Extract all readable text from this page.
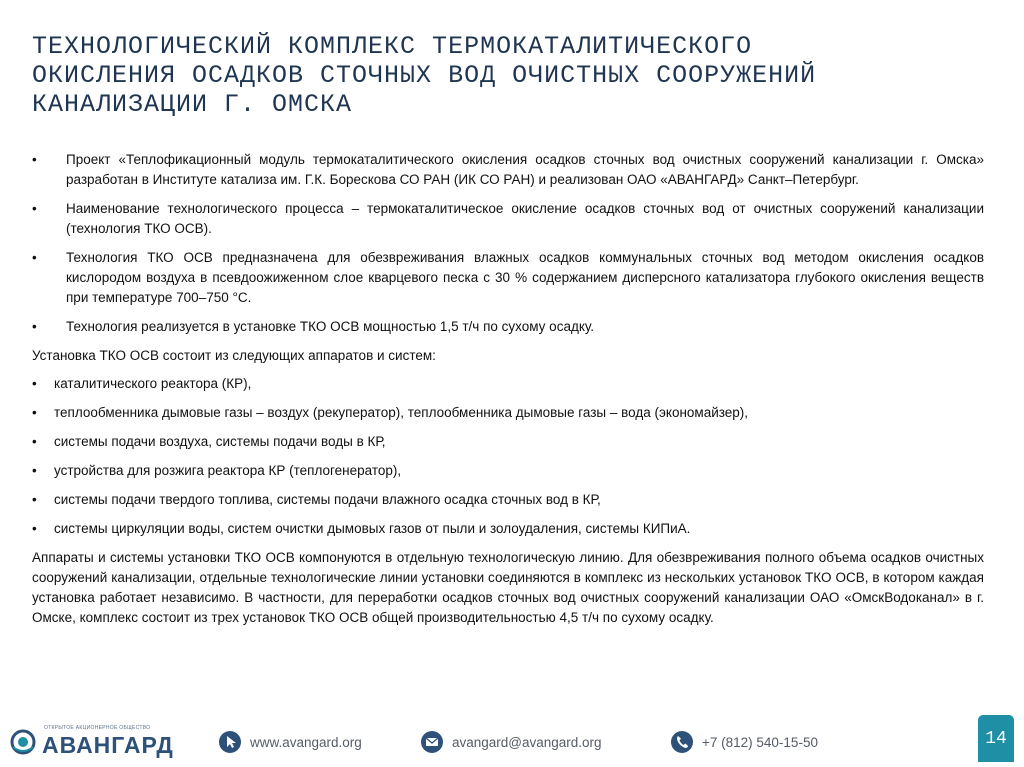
ТЕХНОЛОГИЧЕСКИЙ КОМПЛЕКС ТЕРМОКАТАЛИТИЧЕСКОГО
ОКИСЛЕНИЯ ОСАДКОВ СТОЧНЫХ ВОД ОЧИСТНЫХ СООРУЖЕНИЙ
КАНАЛИЗАЦИИ Г. ОМСКА

• Проект «Теплофикационный модуль термокаталитического окисления осадков сточных вод очистных сооружений канализации г. Омска» разработан в Институте катализа им. Г.К. Борескова СО РАН (ИК СО РАН) и реализован ОАО «АВАНГАРД» Санкт–Петербург.

• Наименование технологического процесса – термокаталитическое окисление осадков сточных вод от очистных сооружений канализации (технология ТКО ОСВ).

• Технология ТКО ОСВ предназначена для обезвреживания влажных осадков коммунальных сточных вод методом окисления осадков кислородом воздуха в псевдоожиженном слое кварцевого песка с 30 % содержанием дисперсного катализатора глубокого окисления веществ при температуре 700–750 °С.

• Технология реализуется в установке ТКО ОСВ мощностью 1,5 т/ч по сухому осадку.

Установка ТКО ОСВ состоит из следующих аппаратов и систем:

• каталитического реактора (КР),

• теплообменника дымовые газы – воздух (рекуператор), теплообменника дымовые газы – вода (экономайзер),

• системы подачи воздуха, системы подачи воды в КР,

• устройства для розжига реактора КР (теплогенератор),

• системы подачи твердого топлива, системы подачи влажного осадка сточных вод в КР,

• системы циркуляции воды, систем очистки дымовых газов от пыли и золоудаления, системы КИПиА.

Аппараты и системы установки ТКО ОСВ компонуются в отдельную технологическую линию. Для обезвреживания полного объема осадков очистных сооружений канализации, отдельные технологические линии установки соединяются в комплекс из нескольких установок ТКО ОСВ, в котором каждая установка работает независимо. В частности, для переработки осадков сточных вод очистных сооружений канализации ОАО «ОмскВодоканал» в г. Омске, комплекс состоит из трех установок ТКО ОСВ общей производительностью 4,5 т/ч по сухому осадку.

ОТКРЫТОЕ АКЦИОНЕРНОЕ ОБЩЕСТВО
АВАНГАРД	www.avangard.org	avangard@avangard.org	+7 (812) 540-15-50	14
